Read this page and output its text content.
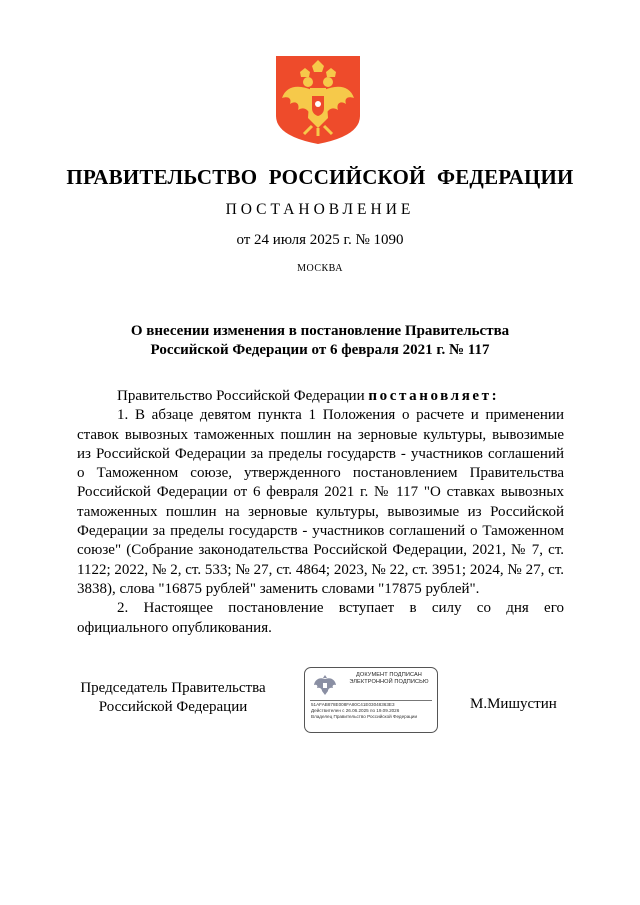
ПРАВИТЕЛЬСТВО РОССИЙСКОЙ ФЕДЕРАЦИИ
ПОСТАНОВЛЕНИЕ
от 24 июля 2025 г. № 1090
МОСКВА
О внесении изменения в постановление Правительства
Российской Федерации от 6 февраля 2021 г. № 117

Правительство Российской Федерации постановляет:

1. В абзаце девятом пункта 1 Положения о расчете и применении ставок вывозных таможенных пошлин на зерновые культуры, вывозимые из Российской Федерации за пределы государств - участников соглашений о Таможенном союзе, утвержденного постановлением Правительства Российской Федерации от 6 февраля 2021 г. № 117 "О ставках вывозных таможенных пошлин на зерновые культуры, вывозимые из Российской Федерации за пределы государств - участников соглашений о Таможенном союзе" (Собрание законодательства Российской Федерации, 2021, № 7, ст. 1122; 2022, № 2, ст. 533; № 27, ст. 4864; 2023, № 22, ст. 3951; 2024, № 27, ст. 3838), слова "16875 рублей" заменить словами "17875 рублей".

2. Настоящее постановление вступает в силу со дня его официального опубликования.

Председатель Правительства
Российской Федерации
ДОКУМЕНТ ПОДПИСАН
ЭЛЕКТРОННОЙ ПОДПИСЬЮ
51AFAB878E008FA80C41E03048363E3
Действителен с 26.06.2025 по 19.09.2026
Владелец Правительство Российской Федерации
М.Мишустин
